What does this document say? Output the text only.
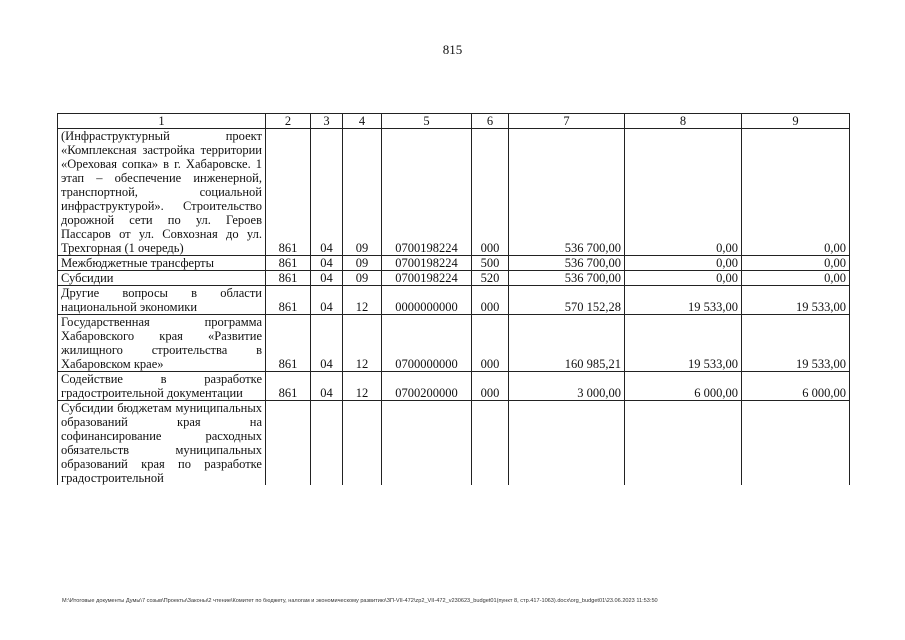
815
1	2	3	4	5	6	7	8	9
(Инфраструктурный проект «Комплексная застройка территории «Ореховая сопка» в г. Хабаровске. 1 этап – обеспечение инженерной, транспортной, социальной инфраструктурой». Строительство дорожной сети по ул. Героев Пассаров от ул. Совхозная до ул. Трехгорная (1 очередь)	861	04	09	0700198224	000	536 700,00	0,00	0,00
Межбюджетные трансферты	861	04	09	0700198224	500	536 700,00	0,00	0,00
Субсидии	861	04	09	0700198224	520	536 700,00	0,00	0,00
Другие вопросы в области национальной экономики	861	04	12	0000000000	000	570 152,28	19 533,00	19 533,00
Государственная программа Хабаровского края «Развитие жилищного строительства в Хабаровском крае»	861	04	12	0700000000	000	160 985,21	19 533,00	19 533,00
Содействие в разработке градостроительной документации	861	04	12	0700200000	000	3 000,00	6 000,00	6 000,00
Субсидии бюджетам муниципальных образований края на софинансирование расходных обязательств муниципальных образований края по разработке градостроительной								
M:\Итоговые документы Думы\7 созыв\Проекты\Законы\2 чтение\Комитет по бюджету, налогам и экономическому развитию\ЗП-VII-472\zp2_VII-472_v230623_budget01(пункт 8, стр.417-1063).docx\org_budget01\23.06.2023 11:53:50
